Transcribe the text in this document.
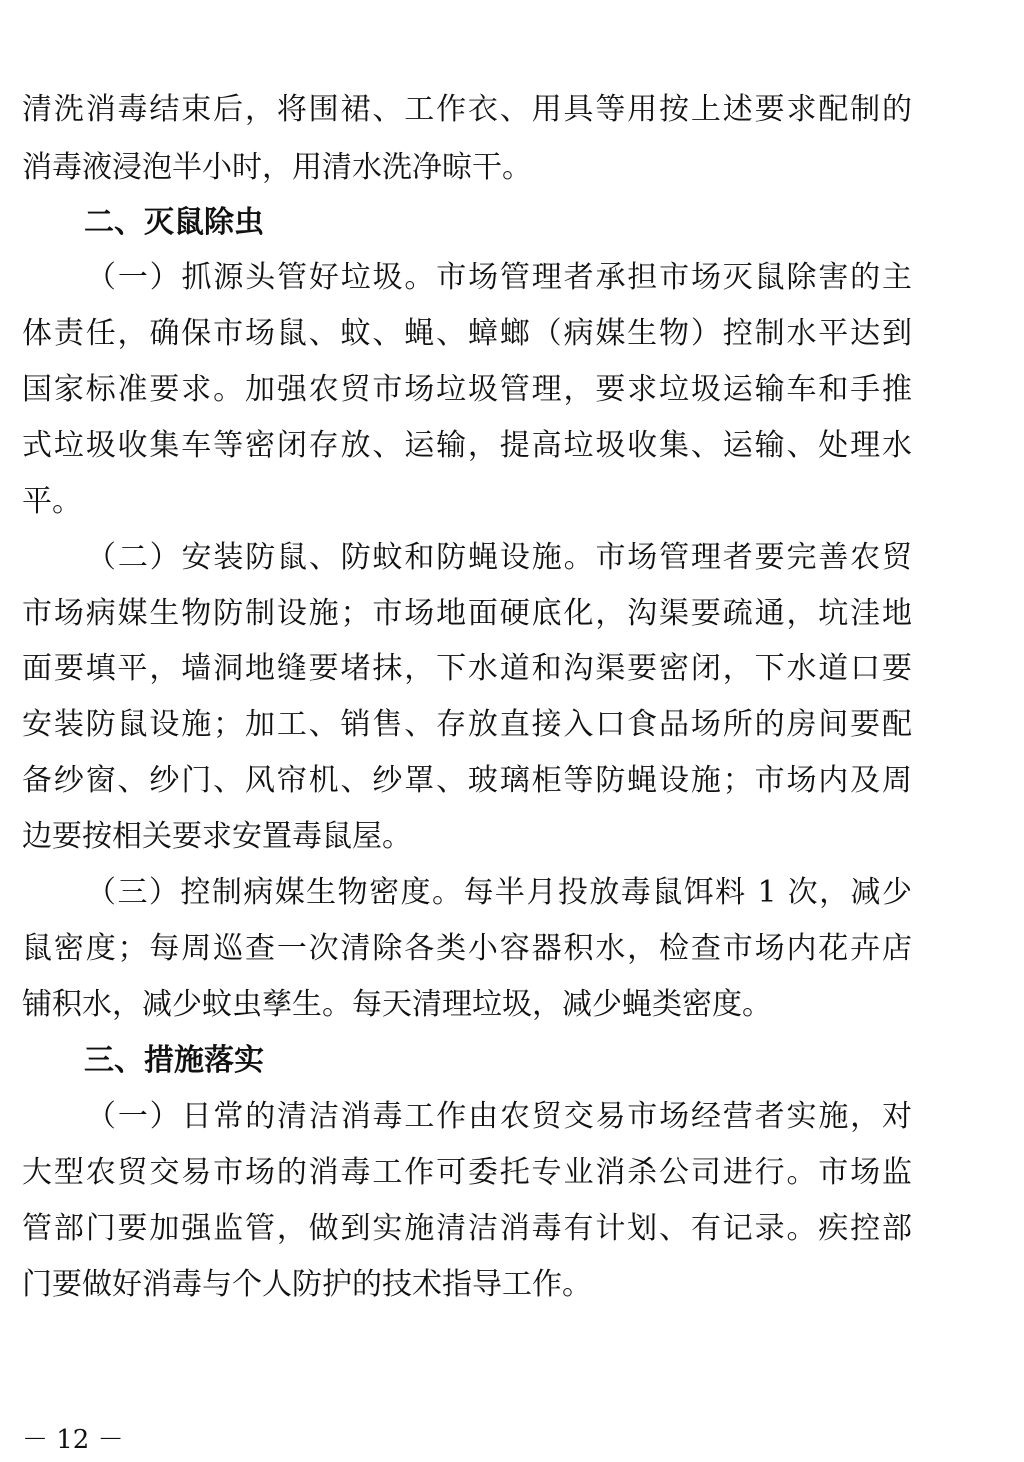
清洗消毒结束后，将围裙、工作衣、用具等用按上述要求配制的
消毒液浸泡半小时，用清水洗净晾干。
二、灭鼠除虫
（一）抓源头管好垃圾。市场管理者承担市场灭鼠除害的主
体责任，确保市场鼠、蚊、蝇、蟑螂（病媒生物）控制水平达到
国家标准要求。加强农贸市场垃圾管理，要求垃圾运输车和手推
式垃圾收集车等密闭存放、运输，提高垃圾收集、运输、处理水
平。
（二）安装防鼠、防蚊和防蝇设施。市场管理者要完善农贸
市场病媒生物防制设施；市场地面硬底化，沟渠要疏通，坑洼地
面要填平，墙洞地缝要堵抹，下水道和沟渠要密闭，下水道口要
安装防鼠设施；加工、销售、存放直接入口食品场所的房间要配
备纱窗、纱门、风帘机、纱罩、玻璃柜等防蝇设施；市场内及周
边要按相关要求安置毒鼠屋。
（三）控制病媒生物密度。每半月投放毒鼠饵料 1 次，减少
鼠密度；每周巡查一次清除各类小容器积水，检查市场内花卉店
铺积水，减少蚊虫孳生。每天清理垃圾，减少蝇类密度。
三、措施落实
（一）日常的清洁消毒工作由农贸交易市场经营者实施，对
大型农贸交易市场的消毒工作可委托专业消杀公司进行。市场监
管部门要加强监管，做到实施清洁消毒有计划、有记录。疾控部
门要做好消毒与个人防护的技术指导工作。
－ 12 －
